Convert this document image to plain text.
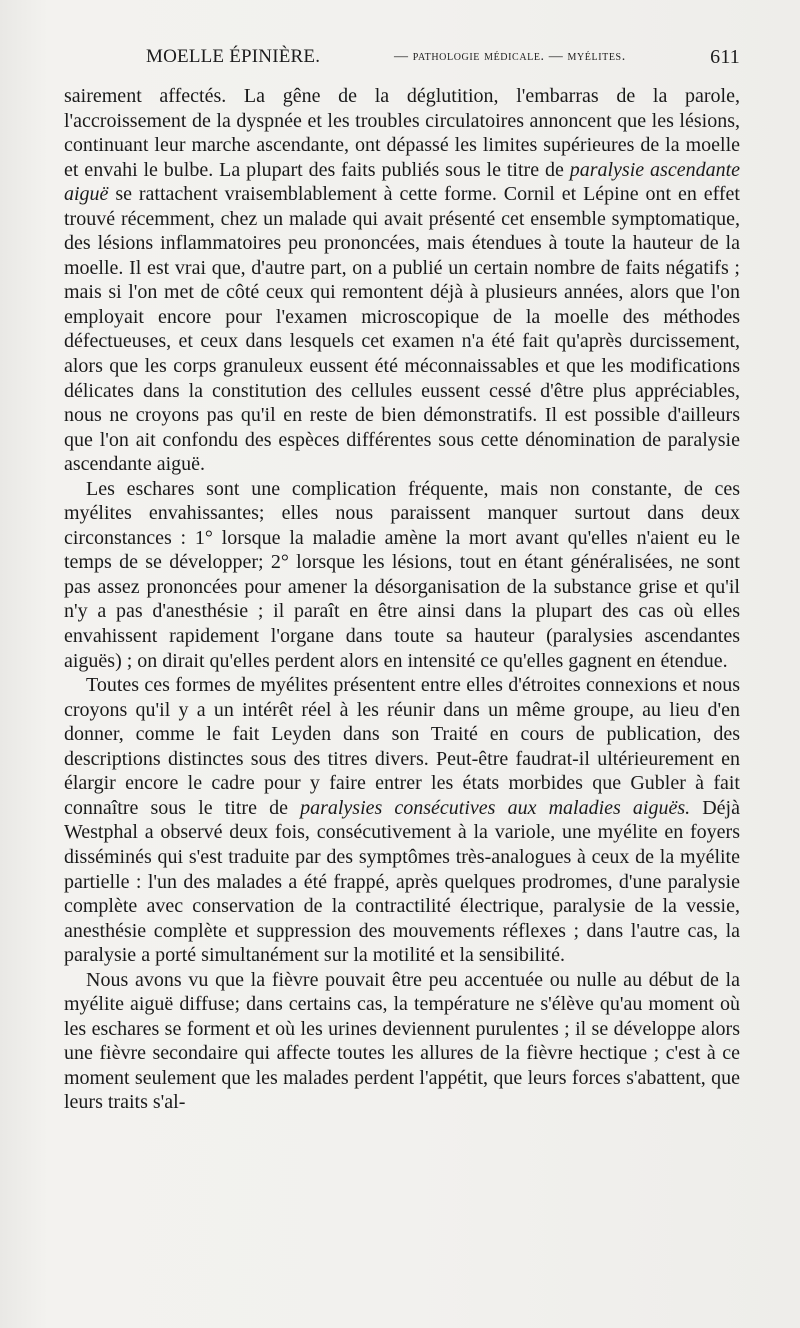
MOELLE ÉPINIÈRE.	— pathologie médicale. — myélites.	611

sairement affectés. La gêne de la déglutition, l'embarras de la parole, l'accroissement de la dyspnée et les troubles circulatoires annoncent que les lésions, continuant leur marche ascendante, ont dépassé les limites supérieures de la moelle et envahi le bulbe. La plupart des faits publiés sous le titre de paralysie ascendante aiguë se rattachent vraisemblablement à cette forme. Cornil et Lépine ont en effet trouvé récemment, chez un malade qui avait présenté cet ensemble symptomatique, des lésions inflammatoires peu prononcées, mais étendues à toute la hauteur de la moelle. Il est vrai que, d'autre part, on a publié un certain nombre de faits négatifs ; mais si l'on met de côté ceux qui remontent déjà à plusieurs années, alors que l'on employait encore pour l'examen microscopique de la moelle des méthodes défectueuses, et ceux dans lesquels cet examen n'a été fait qu'après durcissement, alors que les corps granuleux eussent été méconnaissables et que les modifications délicates dans la constitution des cellules eussent cessé d'être plus appréciables, nous ne croyons pas qu'il en reste de bien démonstratifs. Il est possible d'ailleurs que l'on ait confondu des espèces différentes sous cette dénomination de paralysie ascendante aiguë.

Les eschares sont une complication fréquente, mais non constante, de ces myélites envahissantes; elles nous paraissent manquer surtout dans deux circonstances : 1° lorsque la maladie amène la mort avant qu'elles n'aient eu le temps de se développer; 2° lorsque les lésions, tout en étant généralisées, ne sont pas assez prononcées pour amener la désorganisation de la substance grise et qu'il n'y a pas d'anesthésie ; il paraît en être ainsi dans la plupart des cas où elles envahissent rapidement l'organe dans toute sa hauteur (paralysies ascendantes aiguës) ; on dirait qu'elles perdent alors en intensité ce qu'elles gagnent en étendue.

Toutes ces formes de myélites présentent entre elles d'étroites connexions et nous croyons qu'il y a un intérêt réel à les réunir dans un même groupe, au lieu d'en donner, comme le fait Leyden dans son Traité en cours de publication, des descriptions distinctes sous des titres divers. Peut-être faudrat-il ultérieurement en élargir encore le cadre pour y faire entrer les états morbides que Gubler à fait connaître sous le titre de paralysies consécutives aux maladies aiguës. Déjà Westphal a observé deux fois, consécutivement à la variole, une myélite en foyers disséminés qui s'est traduite par des symptômes très-analogues à ceux de la myélite partielle : l'un des malades a été frappé, après quelques prodromes, d'une paralysie complète avec conservation de la contractilité électrique, paralysie de la vessie, anesthésie complète et suppression des mouvements réflexes ; dans l'autre cas, la paralysie a porté simultanément sur la motilité et la sensibilité.

Nous avons vu que la fièvre pouvait être peu accentuée ou nulle au début de la myélite aiguë diffuse; dans certains cas, la température ne s'élève qu'au moment où les eschares se forment et où les urines deviennent purulentes ; il se développe alors une fièvre secondaire qui affecte toutes les allures de la fièvre hectique ; c'est à ce moment seulement que les malades perdent l'appétit, que leurs forces s'abattent, que leurs traits s'al-
